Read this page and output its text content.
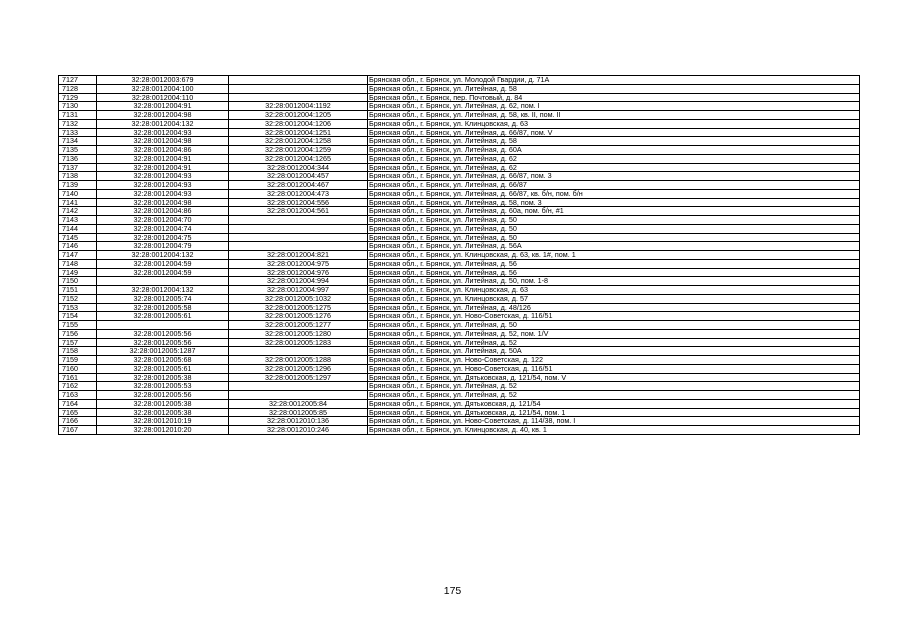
7127	32:28:0012003:679		Брянская обл., г. Брянск, ул. Молодой Гвардии, д. 71А
7128	32:28:0012004:100		Брянская обл., г. Брянск, ул. Литейная, д. 58
7129	32:28:0012004:110		Брянская обл., г. Брянск, пер. Почтовый, д. 84
7130	32:28:0012004:91	32:28:0012004:1192	Брянская обл., г. Брянск, ул. Литейная, д. 62, пом. I
7131	32:28:0012004:98	32:28:0012004:1205	Брянская обл., г. Брянск, ул. Литейная, д. 58, кв. II, пом. II
7132	32:28:0012004:132	32:28:0012004:1206	Брянская обл., г. Брянск, ул. Клинцовская, д. 63
7133	32:28:0012004:93	32:28:0012004:1251	Брянская обл., г. Брянск, ул. Литейная, д. 66/87, пом. V
7134	32:28:0012004:98	32:28:0012004:1258	Брянская обл., г. Брянск, ул. Литейная, д. 58
7135	32:28:0012004:86	32:28:0012004:1259	Брянская обл., г. Брянск, ул. Литейная, д. 60А
7136	32:28:0012004:91	32:28:0012004:1265	Брянская обл., г. Брянск, ул. Литейная, д. 62
7137	32:28:0012004:91	32:28:0012004:344	Брянская обл., г. Брянск, ул. Литейная, д. 62
7138	32:28:0012004:93	32:28:0012004:457	Брянская обл., г. Брянск, ул. Литейная, д. 66/87, пом. 3
7139	32:28:0012004:93	32:28:0012004:467	Брянская обл., г. Брянск, ул. Литейная, д. 66/87
7140	32:28:0012004:93	32:28:0012004:473	Брянская обл., г. Брянск, ул. Литейная, д. 66/87, кв. б/н, пом. б/н
7141	32:28:0012004:98	32:28:0012004:556	Брянская обл., г. Брянск, ул. Литейная, д. 58, пом. 3
7142	32:28:0012004:86	32:28:0012004:561	Брянская обл., г. Брянск, ул. Литейная, д. 60а, пом. б/н, #1
7143	32:28:0012004:70		Брянская обл., г. Брянск, ул. Литейная, д. 50
7144	32:28:0012004:74		Брянская обл., г. Брянск, ул. Литейная, д. 50
7145	32:28:0012004:75		Брянская обл., г. Брянск, ул. Литейная, д. 50
7146	32:28:0012004:79		Брянская обл., г. Брянск, ул. Литейная, д. 56А
7147	32:28:0012004:132	32:28:0012004:821	Брянская обл., г. Брянск, ул. Клинцовская, д. 63, кв. 1#, пом. 1
7148	32:28:0012004:59	32:28:0012004:975	Брянская обл., г. Брянск, ул. Литейная, д. 56
7149	32:28:0012004:59	32:28:0012004:976	Брянская обл., г. Брянск, ул. Литейная, д. 56
7150		32:28:0012004:994	Брянская обл., г. Брянск, ул. Литейная, д. 50, пом. 1-8
7151	32:28:0012004:132	32:28:0012004:997	Брянская обл., г. Брянск, ул. Клинцовская, д. 63
7152	32:28:0012005:74	32:28:0012005:1032	Брянская обл., г. Брянск, ул. Клинцовская, д. 57
7153	32:28:0012005:58	32:28:0012005:1275	Брянская обл., г. Брянск, ул. Литейная, д. 48/126
7154	32:28:0012005:61	32:28:0012005:1276	Брянская обл., г. Брянск, ул. Ново-Советская, д. 116/51
7155		32:28:0012005:1277	Брянская обл., г. Брянск, ул. Литейная, д. 50
7156	32:28:0012005:56	32:28:0012005:1280	Брянская обл., г. Брянск, ул. Литейная, д. 52, пом. 1/V
7157	32:28:0012005:56	32:28:0012005:1283	Брянская обл., г. Брянск, ул. Литейная, д. 52
7158	32:28:0012005:1287		Брянская обл., г. Брянск, ул. Литейная, д. 50А
7159	32:28:0012005:68	32:28:0012005:1288	Брянская обл., г. Брянск, ул. Ново-Советская, д. 122
7160	32:28:0012005:61	32:28:0012005:1296	Брянская обл., г. Брянск, ул. Ново-Советская, д. 116/51
7161	32:28:0012005:38	32:28:0012005:1297	Брянская обл., г. Брянск, ул. Дятьковская, д. 121/54, пом. V
7162	32:28:0012005:53		Брянская обл., г. Брянск, ул. Литейная, д. 52
7163	32:28:0012005:56		Брянская обл., г. Брянск, ул. Литейная, д. 52
7164	32:28:0012005:38	32:28:0012005:84	Брянская обл., г. Брянск, ул. Дятьковская, д. 121/54
7165	32:28:0012005:38	32:28:0012005:85	Брянская обл., г. Брянск, ул. Дятьковская, д. 121/54, пом. 1
7166	32:28:0012010:19	32:28:0012010:136	Брянская обл., г. Брянск, ул. Ново-Советская, д. 114/38, пом. I
7167	32:28:0012010:20	32:28:0012010:246	Брянская обл., г. Брянск, ул. Клинцовская, д. 40, кв. 1
175
